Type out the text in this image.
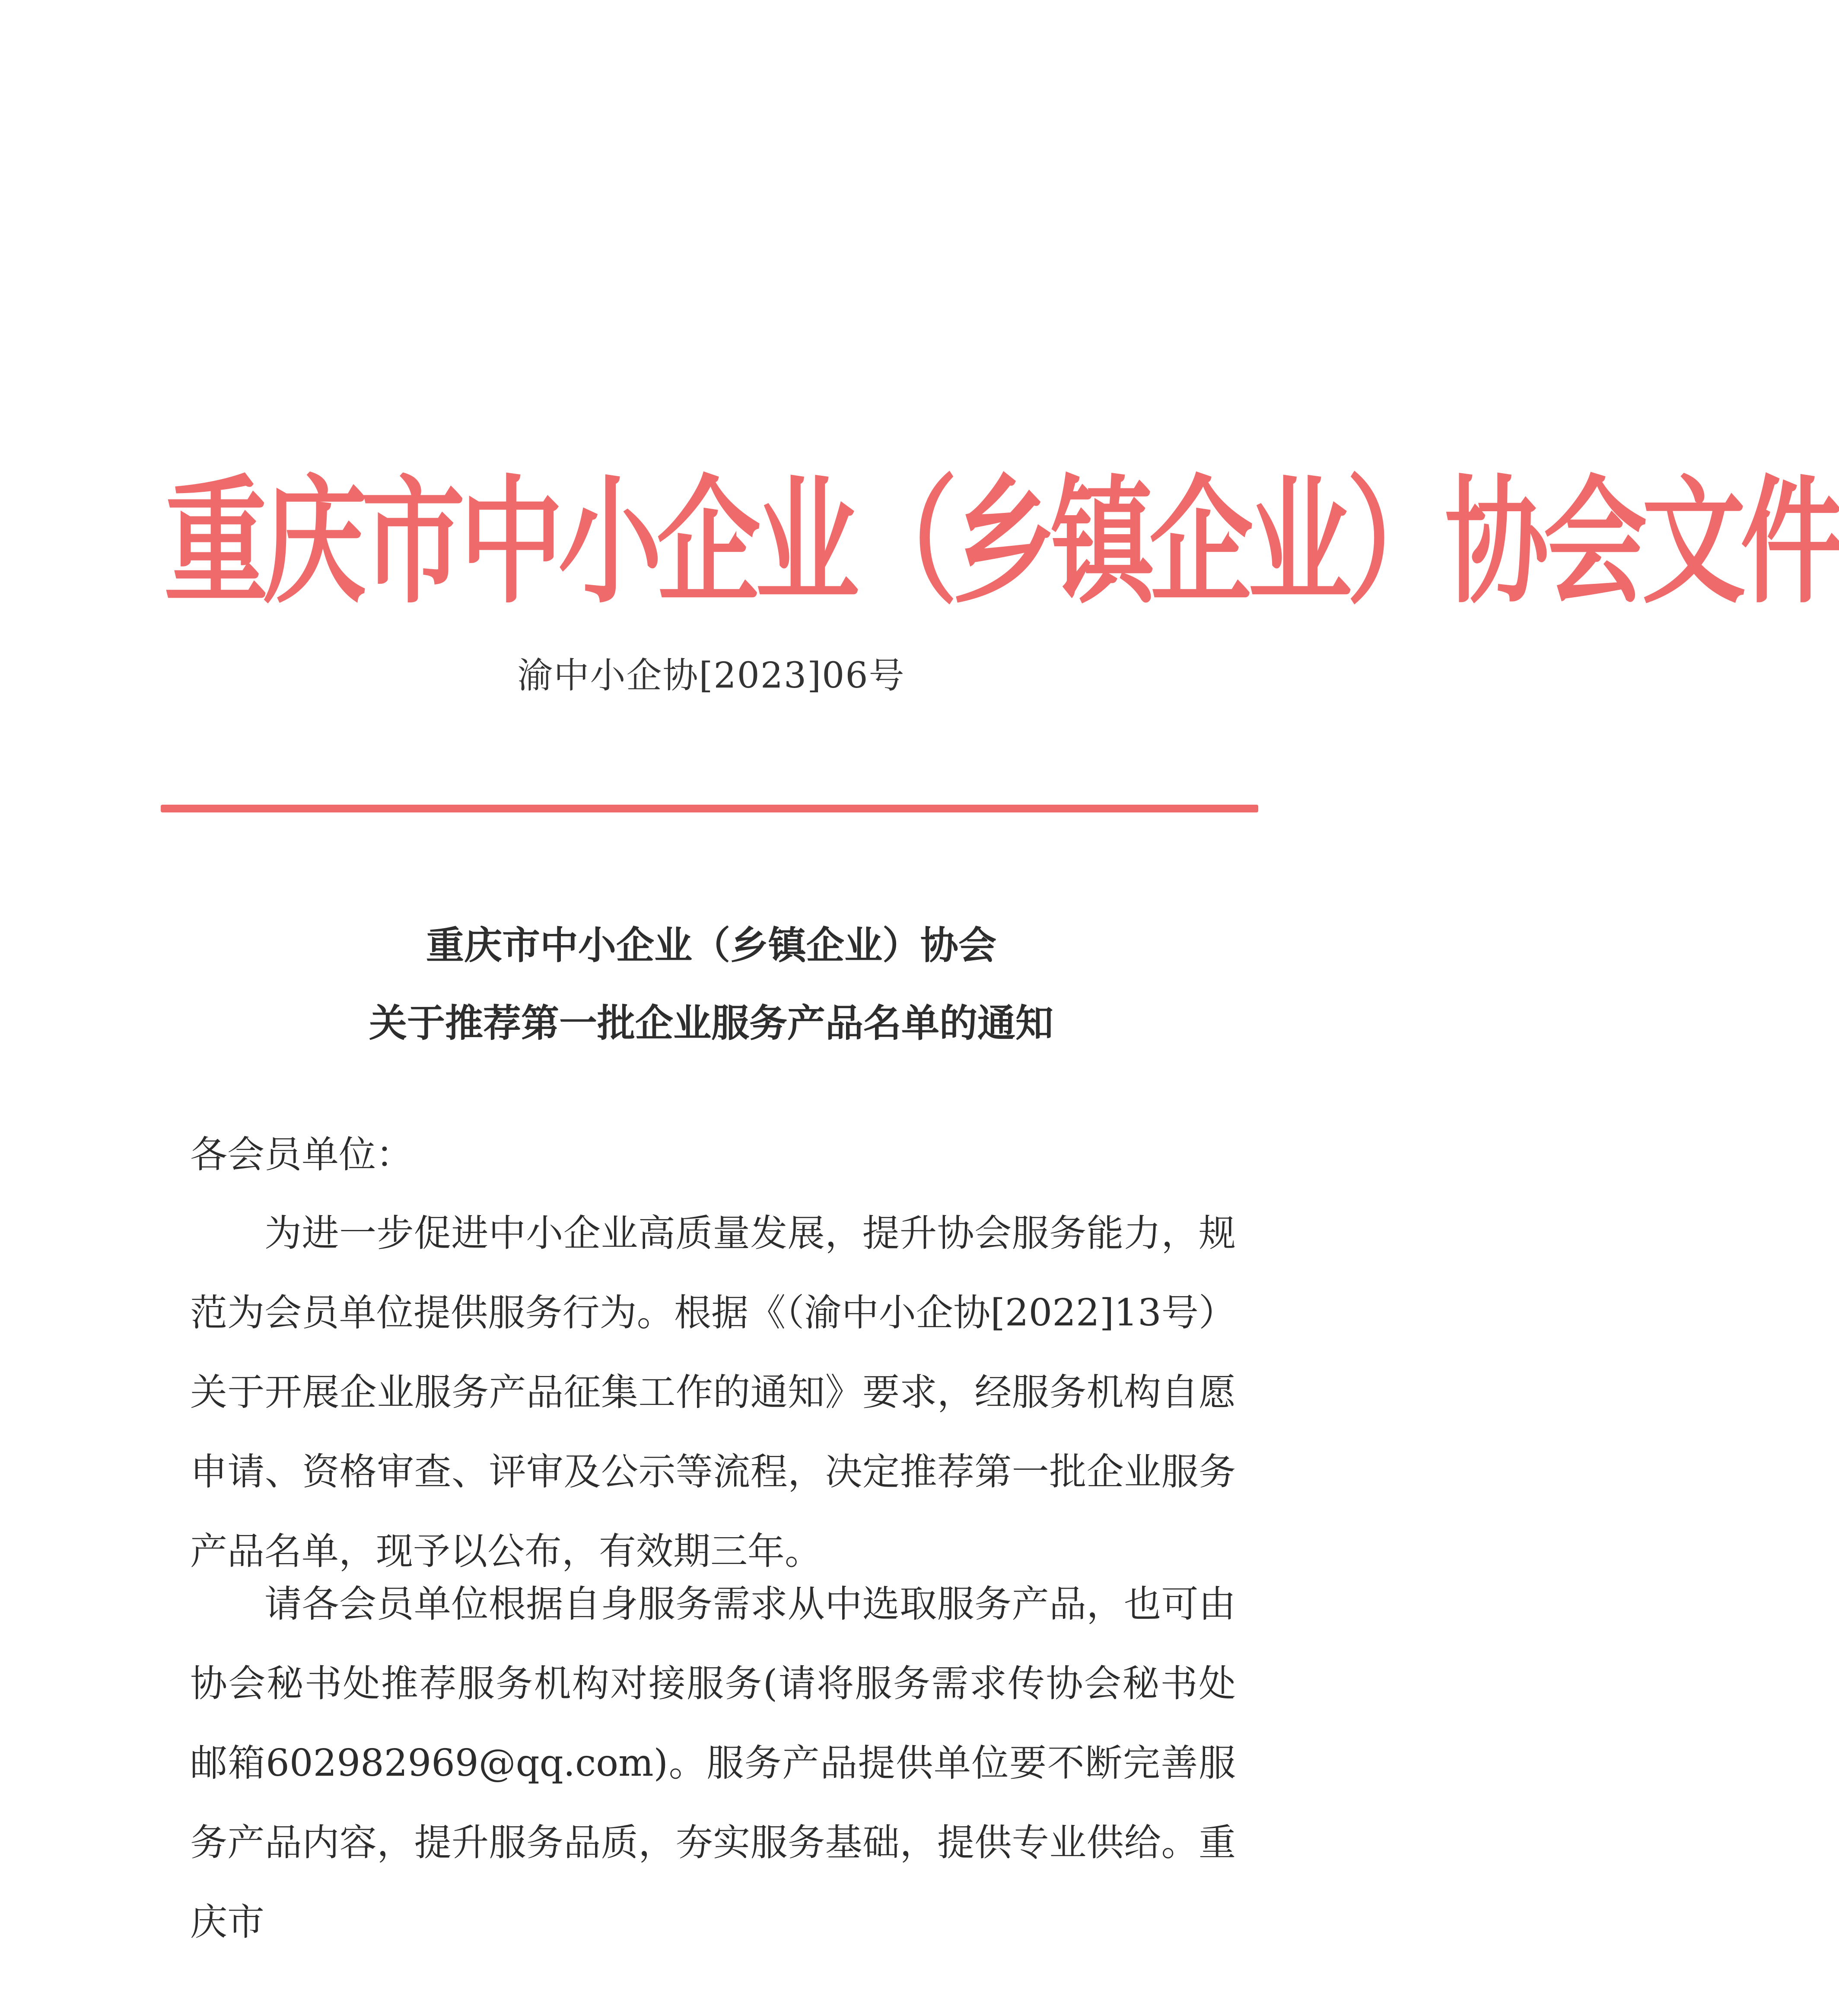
重庆市中小企业（乡镇企业）协会文件
渝中小企协[2023]06号
重庆市中小企业（乡镇企业）协会
关于推荐第一批企业服务产品名单的通知
各会员单位：
为进一步促进中小企业高质量发展，提升协会服务能力，规范为会员单位提供服务行为。根据《（渝中小企协[2022]13号）关于开展企业服务产品征集工作的通知》要求，经服务机构自愿申请、资格审查、评审及公示等流程，决定推荐第一批企业服务产品名单，现予以公布，有效期三年。
请各会员单位根据自身服务需求从中选取服务产品，也可由协会秘书处推荐服务机构对接服务(请将服务需求传协会秘书处邮箱602982969@qq.com)。服务产品提供单位要不断完善服务产品内容，提升服务品质，夯实服务基础，提供专业供给。重庆市
